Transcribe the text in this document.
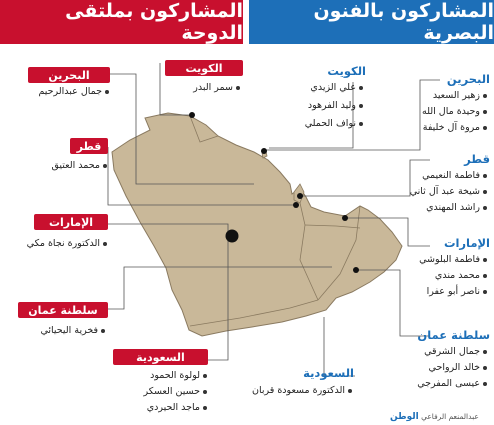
المشاركون بملتقى الدوحة
المشاركون بالفنون البصرية
البحرين
جمال عبدالرحيم
الكويت
سمر البدر
قطر
محمد العتيق
الإمارات
الدكتورة نجاة مكي
سلطنة عمان
فخرية اليحيائي
السعودية
لولوة الحمود
حسين العسكر
ماجد الحيردي
الكويت
علي الزيدي
وليد الفرهود
نواف الحملي
البحرين
زهير السعيد
وحيدة مال الله
مروة آل خليفة
قطر
فاطمة النعيمي
شيخة عبد آل ثاني
راشد المهندي
الإمارات
فاطمة البلوشي
محمد مندي
ناصر أبو عفرا
سلطنة عمان
جمال الشرقي
خالد الرواحي
عيسى المفرجي
السعودية
الدكتورة مسعودة قربان
عبدالمنعم الرفاعي الوطن
